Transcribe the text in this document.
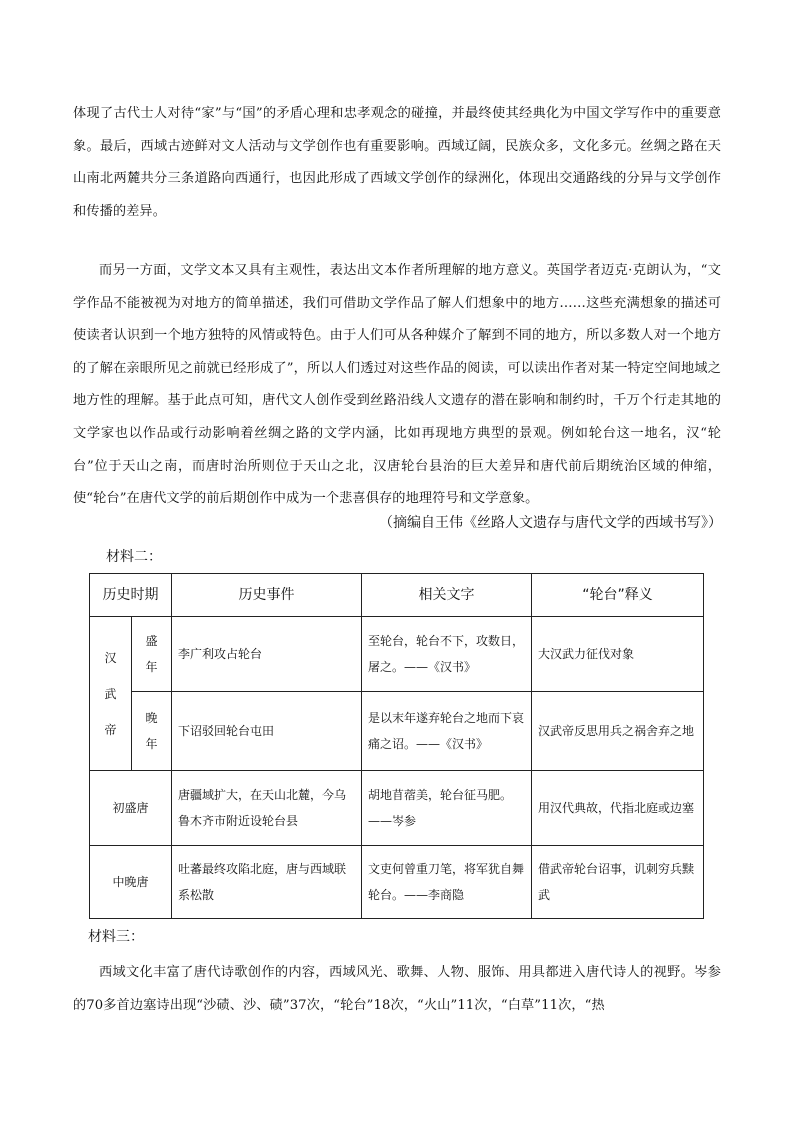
体现了古代士人对待“家”与“国”的矛盾心理和忠孝观念的碰撞，并最终使其经典化为中国文学写作中的重要意象。最后，西域古迹鲜对文人活动与文学创作也有重要影响。西域辽阔，民族众多，文化多元。丝绸之路在天山南北两麓共分三条道路向西通行，也因此形成了西域文学创作的绿洲化，体现出交通路线的分异与文学创作和传播的差异。
而另一方面，文学文本又具有主观性，表达出文本作者所理解的地方意义。英国学者迈克·克朗认为，“文学作品不能被视为对地方的简单描述，我们可借助文学作品了解人们想象中的地方……这些充满想象的描述可使读者认识到一个地方独特的风情或特色。由于人们可从各种媒介了解到不同的地方，所以多数人对一个地方的了解在亲眼所见之前就已经形成了”，所以人们透过对这些作品的阅读，可以读出作者对某一特定空间地域之地方性的理解。基于此点可知，唐代文人创作受到丝路沿线人文遗存的潜在影响和制约时，千万个行走其地的文学家也以作品或行动影响着丝绸之路的文学内涵，比如再现地方典型的景观。例如轮台这一地名，汉“轮台”位于天山之南，而唐时治所则位于天山之北，汉唐轮台县治的巨大差异和唐代前后期统治区域的伸缩，使“轮台”在唐代文学的前后期创作中成为一个悲喜俱存的地理符号和文学意象。
（摘编自王伟《丝路人文遗存与唐代文学的西域书写》）
材料二：
历史时期		历史事件	相关文字	“轮台”释义
汉武帝	盛年	李广利攻占轮台	至轮台，轮台不下，攻数日，屠之。——《汉书》	大汉武力征伐对象
	晚年	下诏驳回轮台屯田	是以末年遂弃轮台之地而下哀痛之诏。——《汉书》	汉武帝反思用兵之祸舍弃之地
初盛唐		唐疆域扩大，在天山北麓，今乌鲁木齐市附近设轮台县	胡地苜蓿美，轮台征马肥。——岑参	用汉代典故，代指北庭或边塞
中晚唐		吐蕃最终攻陷北庭，唐与西域联系松散	文吏何曾重刀笔，将军犹自舞轮台。——李商隐	借武帝轮台诏事，讥刺穷兵黩武
材料三：
西域文化丰富了唐代诗歌创作的内容，西域风光、歌舞、人物、服饰、用具都进入唐代诗人的视野。岑参的70多首边塞诗出现“沙碛、沙、碛”37次，“轮台”18次，“火山”11次，“白草”11次，“热
